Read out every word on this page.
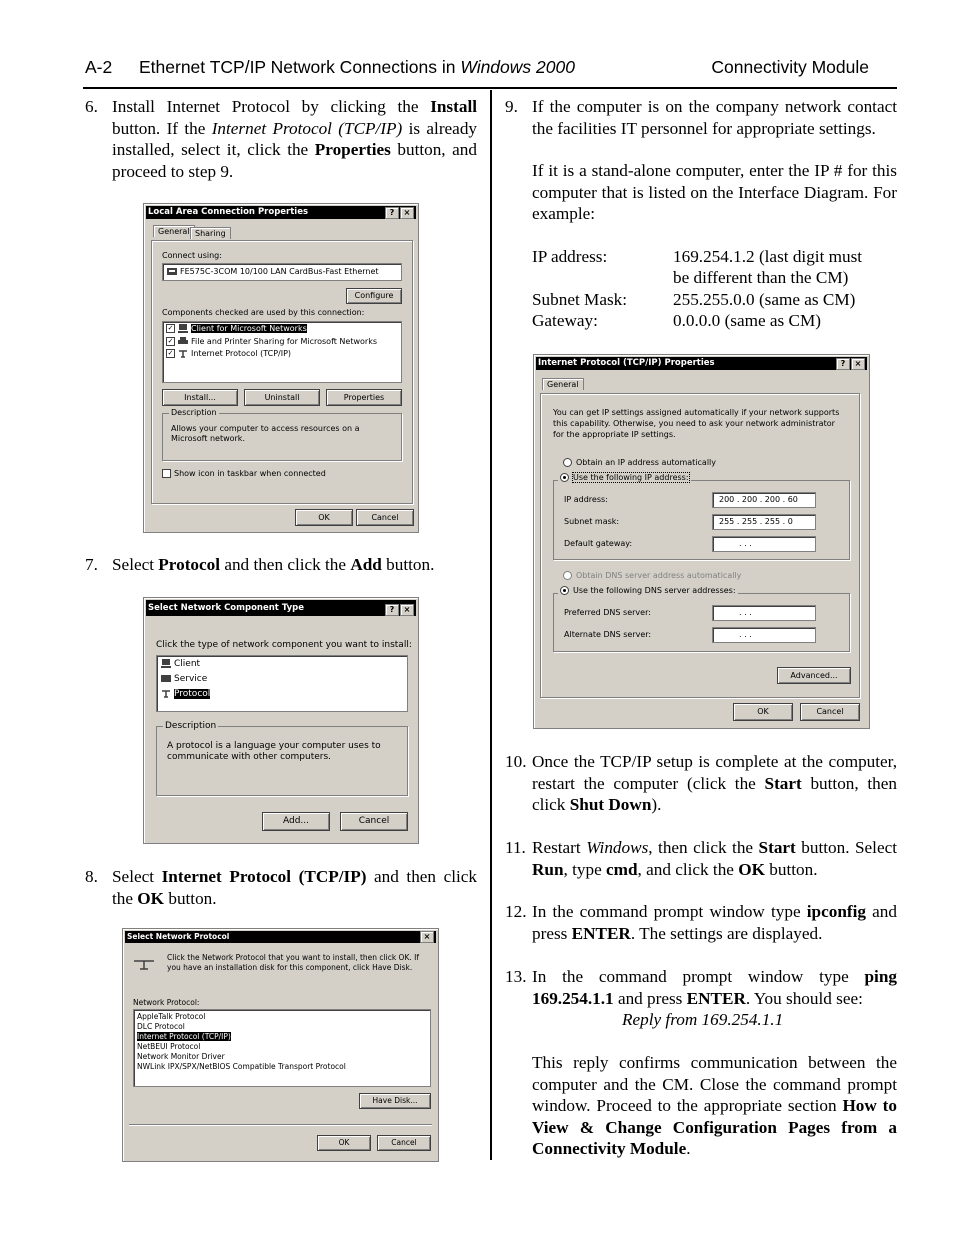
A-2 Ethernet TCP/IP Network Connections in Windows 2000	Connectivity Module
6. Install Internet Protocol by clicking the Install button. If the Internet Protocol (TCP/IP) is already installed, select it, click the Properties button, and proceed to step 9.
Local Area Connection Properties	? ×
General Sharing
Connect using:
FE575C-3COM 10/100 LAN CardBus-Fast Ethernet
Configure
Components checked are used by this connection:
✓ Client for Microsoft Networks
✓ File and Printer Sharing for Microsoft Networks
✓ Internet Protocol (TCP/IP)
Install...	Uninstall	Properties
Description
Allows your computer to access resources on a Microsoft network.
Show icon in taskbar when connected
OK	Cancel
7. Select Protocol and then click the Add button.
Select Network Component Type	? ×
Click the type of network component you want to install:
Client
Service
Protocol
Description
A protocol is a language your computer uses to communicate with other computers.
Add...	Cancel
8. Select Internet Protocol (TCP/IP) and then click the OK button.
Select Network Protocol	×
Click the Network Protocol that you want to install, then click OK. If you have an installation disk for this component, click Have Disk.
Network Protocol:
AppleTalk Protocol
DLC Protocol
Internet Protocol (TCP/IP)
NetBEUI Protocol
Network Monitor Driver
NWLink IPX/SPX/NetBIOS Compatible Transport Protocol
Have Disk...
OK	Cancel
9. If the computer is on the company network contact the facilities IT personnel for appropriate settings.
If it is a stand-alone computer, enter the IP # for this computer that is listed on the Interface Diagram. For example:
IP address:	169.254.1.2 (last digit must
be different than the CM)
Subnet Mask:	255.255.0.0 (same as CM)
Gateway:	0.0.0.0 (same as CM)
Internet Protocol (TCP/IP) Properties	? ×
General
You can get IP settings assigned automatically if your network supports this capability. Otherwise, you need to ask your network administrator for the appropriate IP settings.
Obtain an IP address automatically
Use the following IP address:
IP address:	200 . 200 . 200 . 60
Subnet mask:	255 . 255 . 255 . 0
Default gateway:	. . .
Obtain DNS server address automatically
Use the following DNS server addresses:
Preferred DNS server:	. . .
Alternate DNS server:	. . .
Advanced...
OK	Cancel
10. Once the TCP/IP setup is complete at the computer, restart the computer (click the Start button, then click Shut Down).
11. Restart Windows, then click the Start button. Select Run, type cmd, and click the OK button.
12. In the command prompt window type ipconfig and press ENTER. The settings are displayed.
13. In the command prompt window type ping 169.254.1.1 and press ENTER. You should see:
Reply from 169.254.1.1
This reply confirms communication between the computer and the CM. Close the command prompt window. Proceed to the appropriate section How to View & Change Configuration Pages from a Connectivity Module.
